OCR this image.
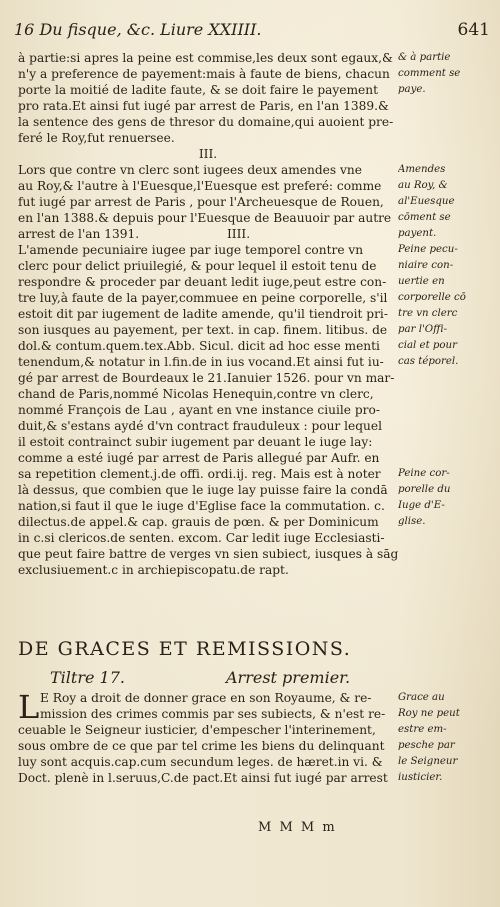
16 Du fisque, &c. Liure XXIIII.	641
à partie:si apres la peine est commise,les deux sont egaux,&
n'y a preference de payement:mais à faute de biens, chacun
porte la moitié de ladite faute, & se doit faire le payement
pro rata.Et ainsi fut iugé par arrest de Paris, en l'an 1389.&
la sentence des gens de thresor du domaine,qui auoient pre-
feré le Roy,fut renuersee.
III.
Lors que contre vn clerc sont iugees deux amendes vne
au Roy,& l'autre à l'Euesque,l'Euesque est preferé: comme
fut iugé par arrest de Paris , pour l'Archeuesque de Rouen,
en l'an 1388.& depuis pour l'Euesque de Beauuoir par autre
arrest de l'an 1391.	IIII.
L'amende pecuniaire iugee par iuge temporel contre vn
clerc pour delict priuilegié, & pour lequel il estoit tenu de
respondre & proceder par deuant ledit iuge,peut estre con-
tre luy,à faute de la payer,commuee en peine corporelle, s'il
estoit dit par iugement de ladite amende, qu'il tiendroit pri-
son iusques au payement, per text. in cap. finem. litibus. de
dol.& contum.quem.tex.Abb. Sicul. dicit ad hoc esse menti
tenendum,& notatur in l.fin.de in ius vocand.Et ainsi fut iu-
gé par arrest de Bourdeaux le 21.Ianuier 1526. pour vn mar-
chand de Paris,nommé Nicolas Henequin,contre vn clerc,
nommé François de Lau , ayant en vne instance ciuile pro-
duit,& s'estans aydé d'vn contract frauduleux : pour lequel
il estoit contrainct subir iugement par deuant le iuge lay:
comme a esté iugé par arrest de Paris allegué par Aufr. en
sa repetition clement.j.de offi. ordi.ij. reg. Mais est à noter
là dessus, que combien que le iuge lay puisse faire la condā
nation,si faut il que le iuge d'Eglise face la commutation. c.
dilectus.de appel.& cap. grauis de pœn. & per Dominicum
in c.si clericos.de senten. excom. Car ledit iuge Ecclesiasti-
que peut faire battre de verges vn sien subiect, iusques à sāg
exclusiuement.c in archiepiscopatu.de rapt.
& à partie
comment se
paye.
Amendes
au Roy, &
al'Euesque
cōment se
payent.
Peine pecu-
niaire con-
uertie en
corporelle cō
tre vn clerc
par l'Offi-
cial et pour
cas téporel.
Peine cor-
porelle du
Iuge d'E-
glise.
DE GRACES ET REMISSIONS.
Tiltre 17.	Arrest premier.
L E Roy a droit de donner grace en son Royaume, & re-
mission des crimes commis par ses subiects, & n'est re-
ceuable le Seigneur iusticier, d'empescher l'interinement,
sous ombre de ce que par tel crime les biens du delinquant
luy sont acquis.cap.cum secundum leges. de hæret.in vi. &
Doct. plenè in l.seruus,C.de pact.Et ainsi fut iugé par arrest
Grace au
Roy ne peut
estre em-
pesche par
le Seigneur
iusticier.
M M M m
